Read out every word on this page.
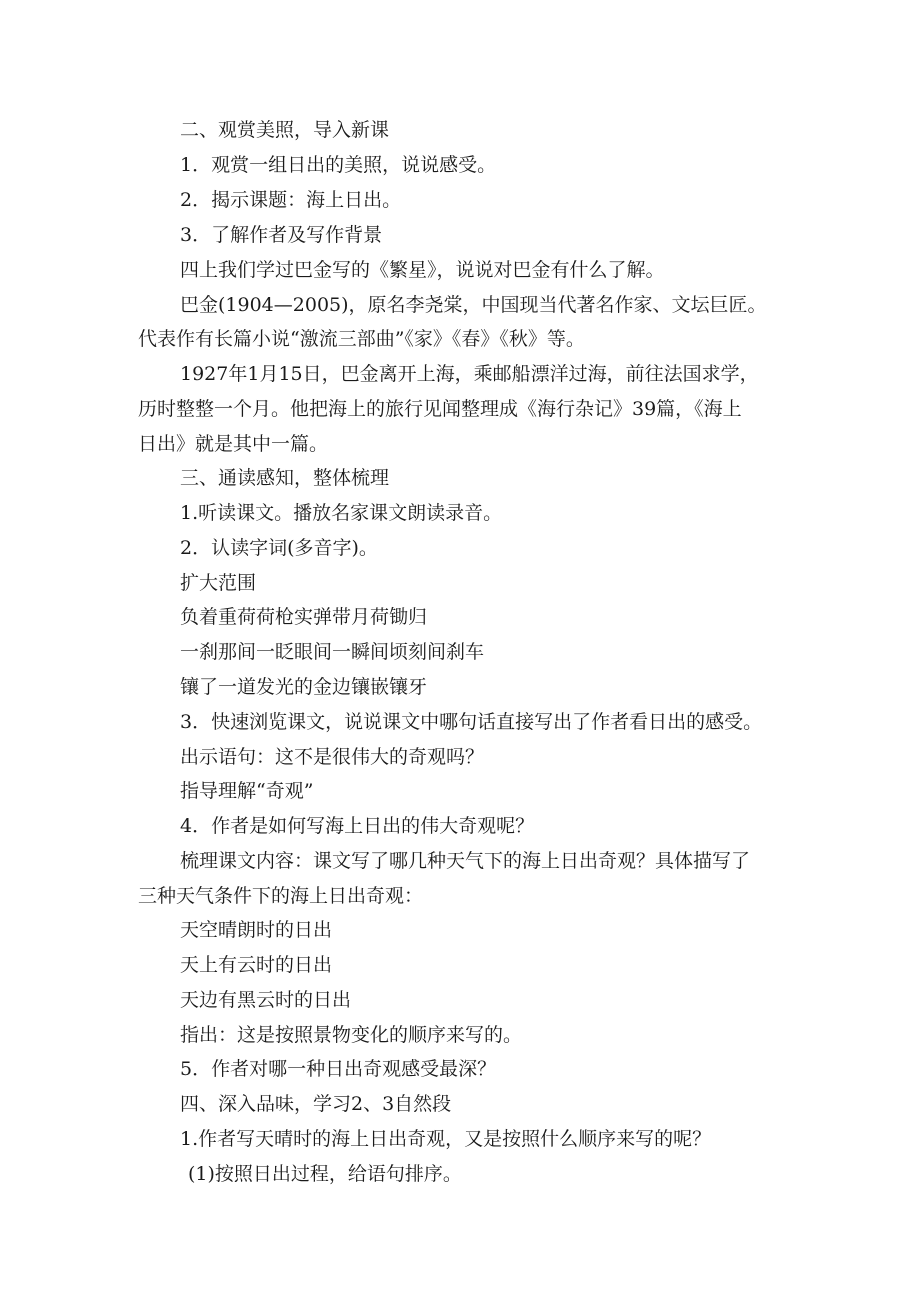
二、观赏美照，导入新课
1．观赏一组日出的美照，说说感受。
2．揭示课题：海上日出。
3．了解作者及写作背景
四上我们学过巴金写的《繁星》，说说对巴金有什么了解。
巴金(1904—2005)，原名李尧棠，中国现当代著名作家、文坛巨匠。
代表作有长篇小说“激流三部曲”《家》《春》《秋》等。
1927年1月15日，巴金离开上海，乘邮船漂洋过海，前往法国求学，
历时整整一个月。他把海上的旅行见闻整理成《海行杂记》39篇，《海上
日出》就是其中一篇。
三、通读感知，整体梳理
1.听读课文。播放名家课文朗读录音。
2．认读字词(多音字)。
扩大范围
负着重荷荷枪实弹带月荷锄归
一刹那间一眨眼间一瞬间顷刻间刹车
镶了一道发光的金边镶嵌镶牙
3．快速浏览课文，说说课文中哪句话直接写出了作者看日出的感受。
出示语句：这不是很伟大的奇观吗？
指导理解“奇观”
4．作者是如何写海上日出的伟大奇观呢？
梳理课文内容：课文写了哪几种天气下的海上日出奇观？具体描写了
三种天气条件下的海上日出奇观：
天空晴朗时的日出
天上有云时的日出
天边有黑云时的日出
指出：这是按照景物变化的顺序来写的。
5．作者对哪一种日出奇观感受最深？
四、深入品味，学习2、3自然段
1.作者写天晴时的海上日出奇观，又是按照什么顺序来写的呢？
(1)按照日出过程，给语句排序。
